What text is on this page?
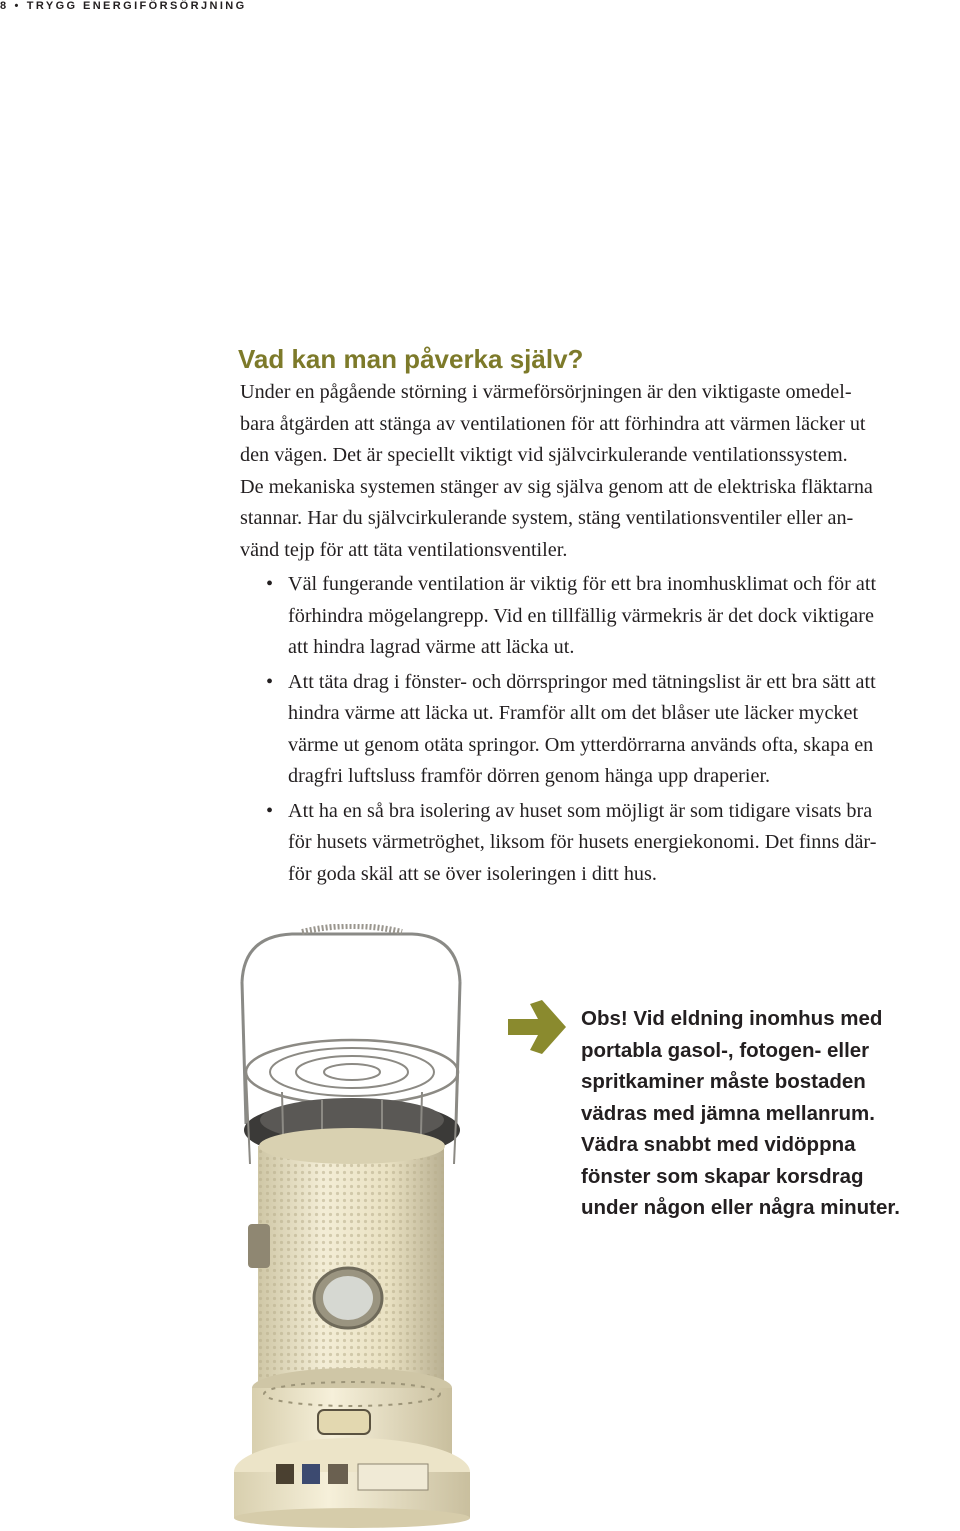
8 • TRYGG ENERGIFÖRSÖRJNING
Vad kan man påverka själv?

Under en pågående störning i värmeförsörjningen är den viktigaste omedel-
bara åtgärden att stänga av ventilationen för att förhindra att värmen läcker ut
den vägen. Det är speciellt viktigt vid självcirkulerande ventilationssystem.
De mekaniska systemen stänger av sig själva genom att de elektriska fläktarna
stannar. Har du självcirkulerande system, stäng ventilationsventiler eller an-
vänd tejp för att täta ventilationsventiler.

• Väl fungerande ventilation är viktig för ett bra inomhusklimat och för att
förhindra mögelangrepp. Vid en tillfällig värmekris är det dock viktigare
att hindra lagrad värme att läcka ut.
• Att täta drag i fönster- och dörrspringor med tätningslist är ett bra sätt att
hindra värme att läcka ut. Framför allt om det blåser ute läcker mycket
värme ut genom otäta springor. Om ytterdörrarna används ofta, skapa en
dragfri luftsluss framför dörren genom hänga upp draperier.
• Att ha en så bra isolering av huset som möjligt är som tidigare visats bra
för husets värmetröghet, liksom för husets energiekonomi. Det finns där-
för goda skäl att se över isoleringen i ditt hus.
Obs! Vid eldning inomhus med
portabla gasol-, fotogen- eller
spritkaminer måste bostaden
vädras med jämna mellanrum.
Vädra snabbt med vidöppna
fönster som skapar korsdrag
under någon eller några minuter.
